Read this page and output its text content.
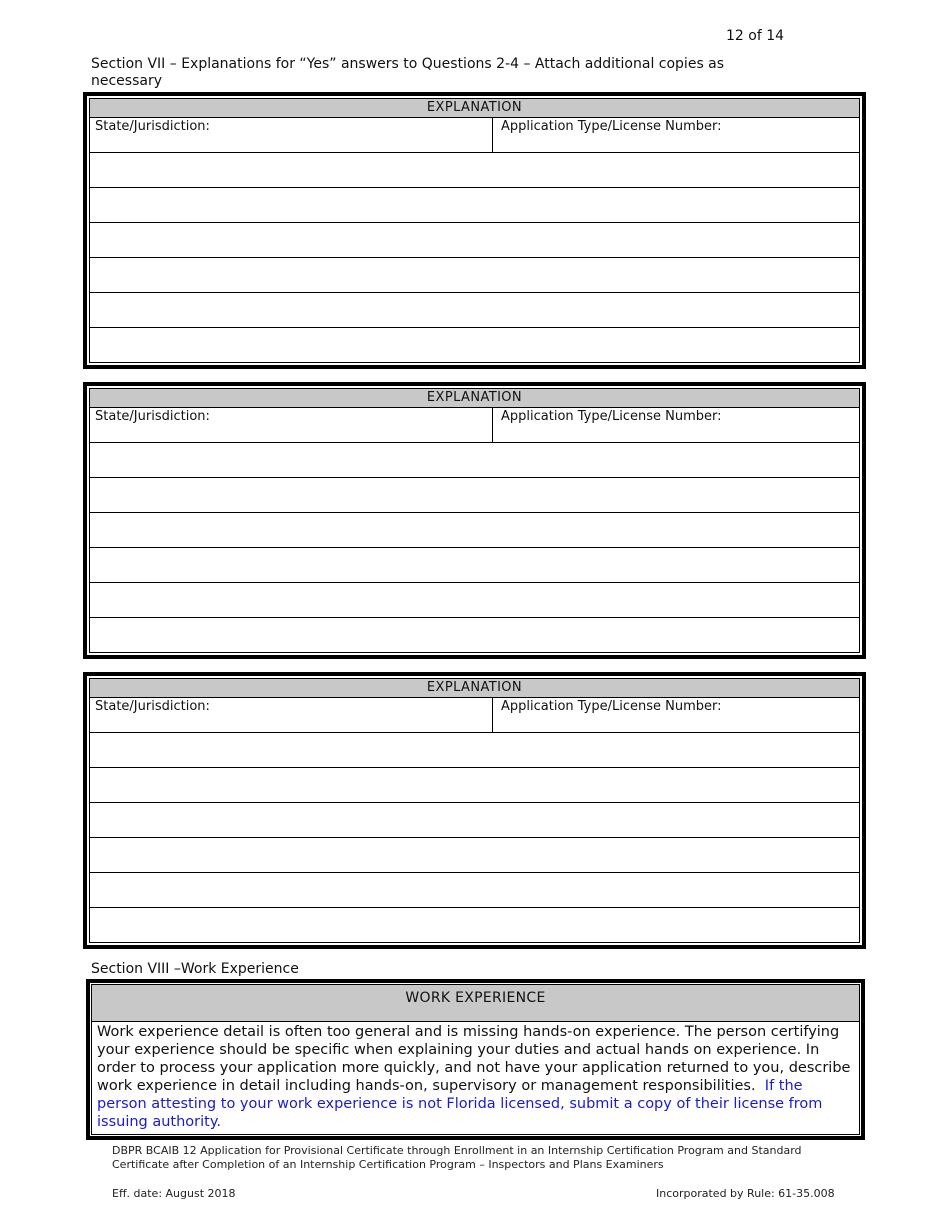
12 of 14
Section VII – Explanations for “Yes” answers to Questions 2-4 – Attach additional copies as necessary
EXPLANATION
State/Jurisdiction:	Application Type/License Number:
EXPLANATION
State/Jurisdiction:	Application Type/License Number:
EXPLANATION
State/Jurisdiction:	Application Type/License Number:
Section VIII –Work Experience
WORK EXPERIENCE
Work experience detail is often too general and is missing hands-on experience. The person certifying your experience should be specific when explaining your duties and actual hands on experience. In order to process your application more quickly, and not have your application returned to you, describe work experience in detail including hands-on, supervisory or management responsibilities. If the person attesting to your work experience is not Florida licensed, submit a copy of their license from issuing authority.
DBPR BCAIB 12 Application for Provisional Certificate through Enrollment in an Internship Certification Program and Standard Certificate after Completion of an Internship Certification Program – Inspectors and Plans Examiners
Eff. date: August 2018	Incorporated by Rule: 61-35.008
